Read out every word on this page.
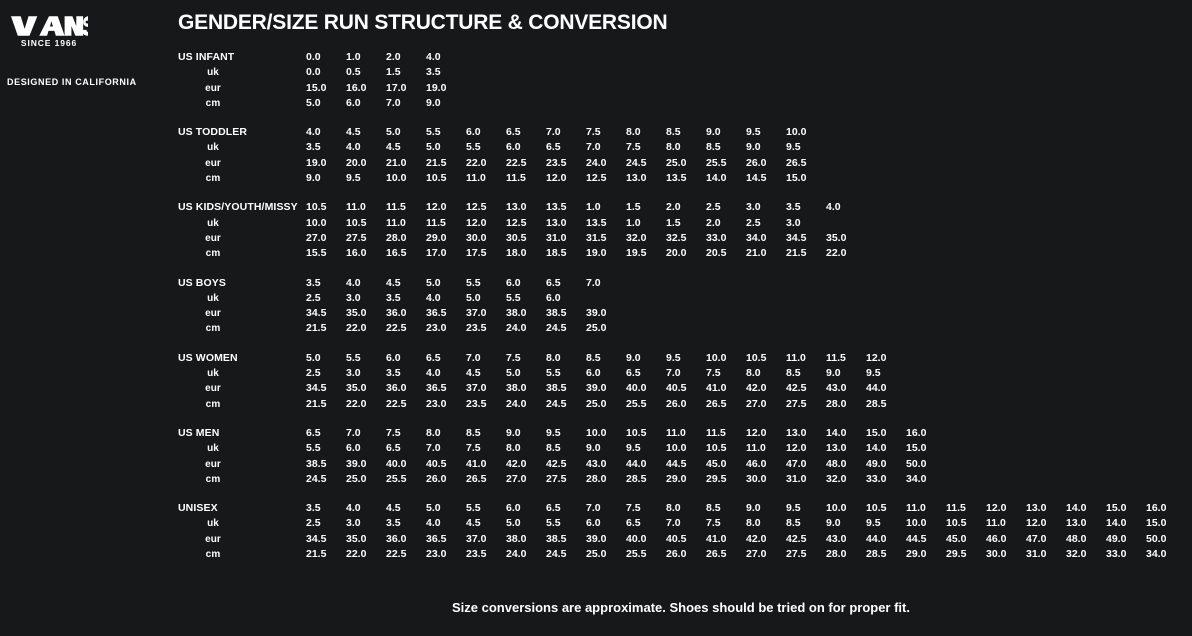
SINCE 1966
DESIGNED IN CALIFORNIA
GENDER/SIZE RUN STRUCTURE & CONVERSION
US INFANT	0.0	1.0	2.0	4.0																		
uk	0.0	0.5	1.5	3.5																		
eur	15.0	16.0	17.0	19.0																		
cm	5.0	6.0	7.0	9.0																		

US TODDLER	4.0	4.5	5.0	5.5	6.0	6.5	7.0	7.5	8.0	8.5	9.0	9.5	10.0									
uk	3.5	4.0	4.5	5.0	5.5	6.0	6.5	7.0	7.5	8.0	8.5	9.0	9.5									
eur	19.0	20.0	21.0	21.5	22.0	22.5	23.5	24.0	24.5	25.0	25.5	26.0	26.5									
cm	9.0	9.5	10.0	10.5	11.0	11.5	12.0	12.5	13.0	13.5	14.0	14.5	15.0									

US KIDS/YOUTH/MISSY	10.5	11.0	11.5	12.0	12.5	13.0	13.5	1.0	1.5	2.0	2.5	3.0	3.5	4.0								
uk	10.0	10.5	11.0	11.5	12.0	12.5	13.0	13.5	1.0	1.5	2.0	2.5	3.0									
eur	27.0	27.5	28.0	29.0	30.0	30.5	31.0	31.5	32.0	32.5	33.0	34.0	34.5	35.0								
cm	15.5	16.0	16.5	17.0	17.5	18.0	18.5	19.0	19.5	20.0	20.5	21.0	21.5	22.0								

US BOYS	3.5	4.0	4.5	5.0	5.5	6.0	6.5	7.0														
uk	2.5	3.0	3.5	4.0	5.0	5.5	6.0															
eur	34.5	35.0	36.0	36.5	37.0	38.0	38.5	39.0														
cm	21.5	22.0	22.5	23.0	23.5	24.0	24.5	25.0														

US WOMEN	5.0	5.5	6.0	6.5	7.0	7.5	8.0	8.5	9.0	9.5	10.0	10.5	11.0	11.5	12.0							
uk	2.5	3.0	3.5	4.0	4.5	5.0	5.5	6.0	6.5	7.0	7.5	8.0	8.5	9.0	9.5							
eur	34.5	35.0	36.0	36.5	37.0	38.0	38.5	39.0	40.0	40.5	41.0	42.0	42.5	43.0	44.0							
cm	21.5	22.0	22.5	23.0	23.5	24.0	24.5	25.0	25.5	26.0	26.5	27.0	27.5	28.0	28.5							

US MEN	6.5	7.0	7.5	8.0	8.5	9.0	9.5	10.0	10.5	11.0	11.5	12.0	13.0	14.0	15.0	16.0						
uk	5.5	6.0	6.5	7.0	7.5	8.0	8.5	9.0	9.5	10.0	10.5	11.0	12.0	13.0	14.0	15.0						
eur	38.5	39.0	40.0	40.5	41.0	42.0	42.5	43.0	44.0	44.5	45.0	46.0	47.0	48.0	49.0	50.0						
cm	24.5	25.0	25.5	26.0	26.5	27.0	27.5	28.0	28.5	29.0	29.5	30.0	31.0	32.0	33.0	34.0						

UNISEX	3.5	4.0	4.5	5.0	5.5	6.0	6.5	7.0	7.5	8.0	8.5	9.0	9.5	10.0	10.5	11.0	11.5	12.0	13.0	14.0	15.0	16.0
uk	2.5	3.0	3.5	4.0	4.5	5.0	5.5	6.0	6.5	7.0	7.5	8.0	8.5	9.0	9.5	10.0	10.5	11.0	12.0	13.0	14.0	15.0
eur	34.5	35.0	36.0	36.5	37.0	38.0	38.5	39.0	40.0	40.5	41.0	42.0	42.5	43.0	44.0	44.5	45.0	46.0	47.0	48.0	49.0	50.0
cm	21.5	22.0	22.5	23.0	23.5	24.0	24.5	25.0	25.5	26.0	26.5	27.0	27.5	28.0	28.5	29.0	29.5	30.0	31.0	32.0	33.0	34.0
Size conversions are approximate. Shoes should be tried on for proper fit.
